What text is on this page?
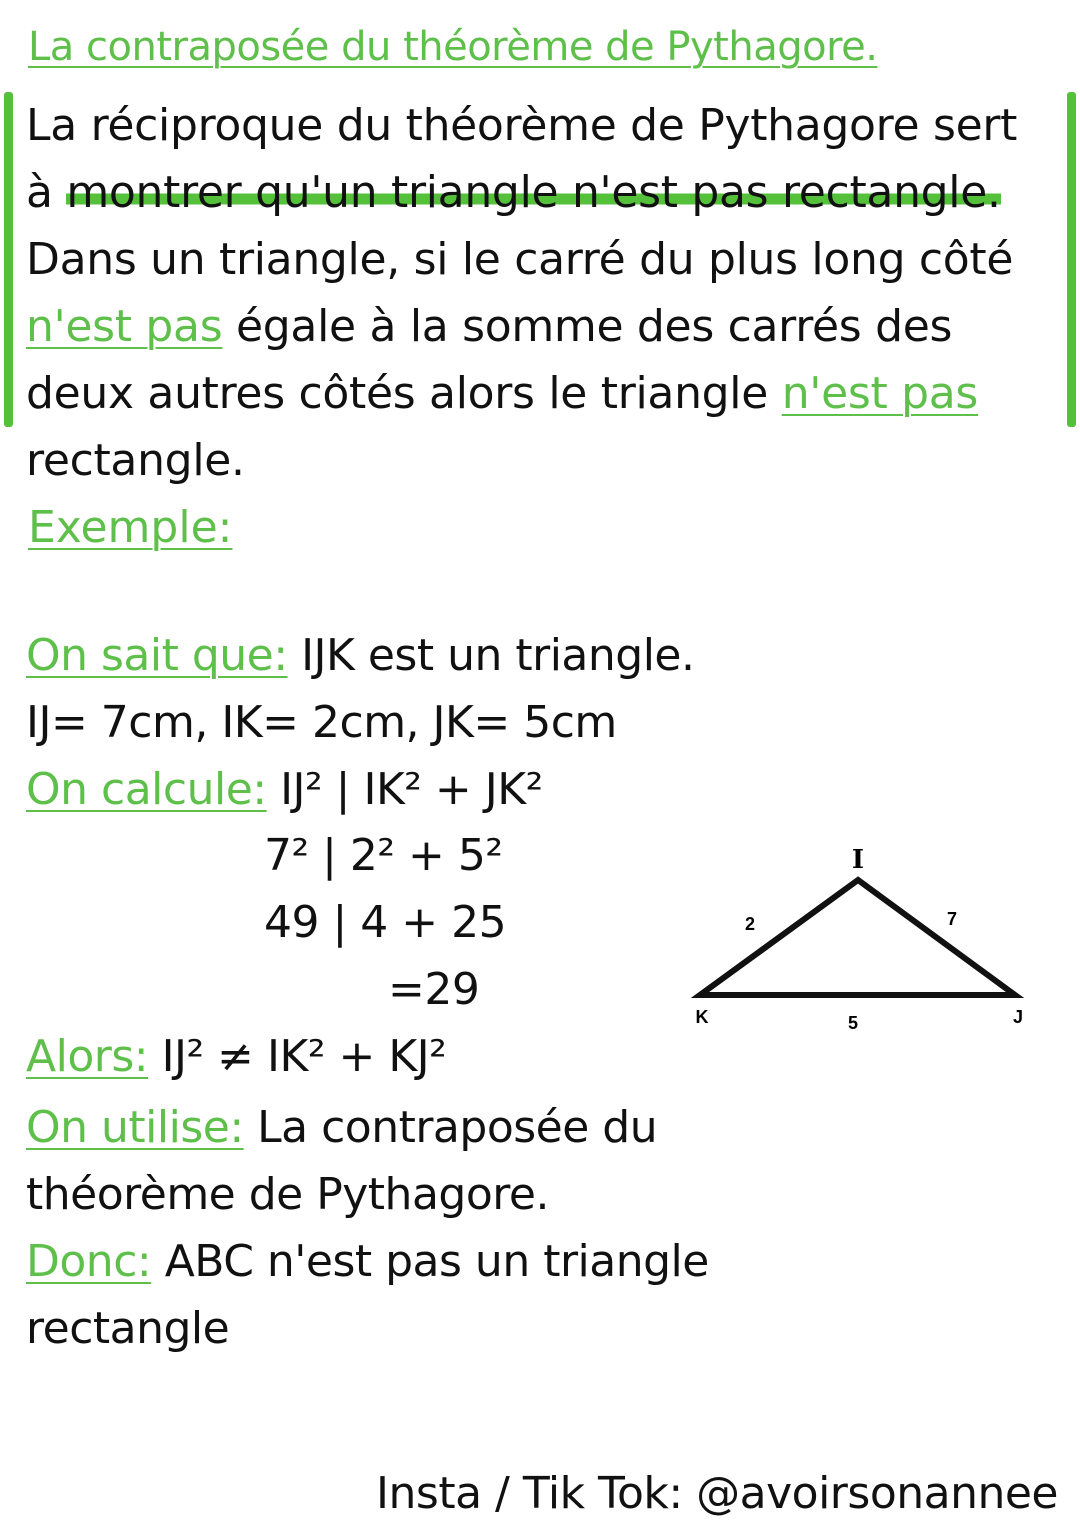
La contraposée du théorème de Pythagore.
La réciproque du théorème de Pythagore sert à montrer qu'un triangle n'est pas rectangle. Dans un triangle, si le carré du plus long côté n'est pas égale à la somme des carrés des deux autres côtés alors le triangle n'est pas rectangle.
Exemple:
On sait que: IJK est un triangle.
IJ= 7cm, IK= 2cm, JK= 5cm
On calcule: IJ² | IK² + JK²
7² | 2² + 5²
49 | 4 + 25
=29
Alors: IJ² ≠ IK² + KJ²
On utilise: La contraposée du
théorème de Pythagore.
Donc: ABC n'est pas un triangle
rectangle
I
K	J
2	7
5
Insta / Tik Tok: @avoirsonannee
